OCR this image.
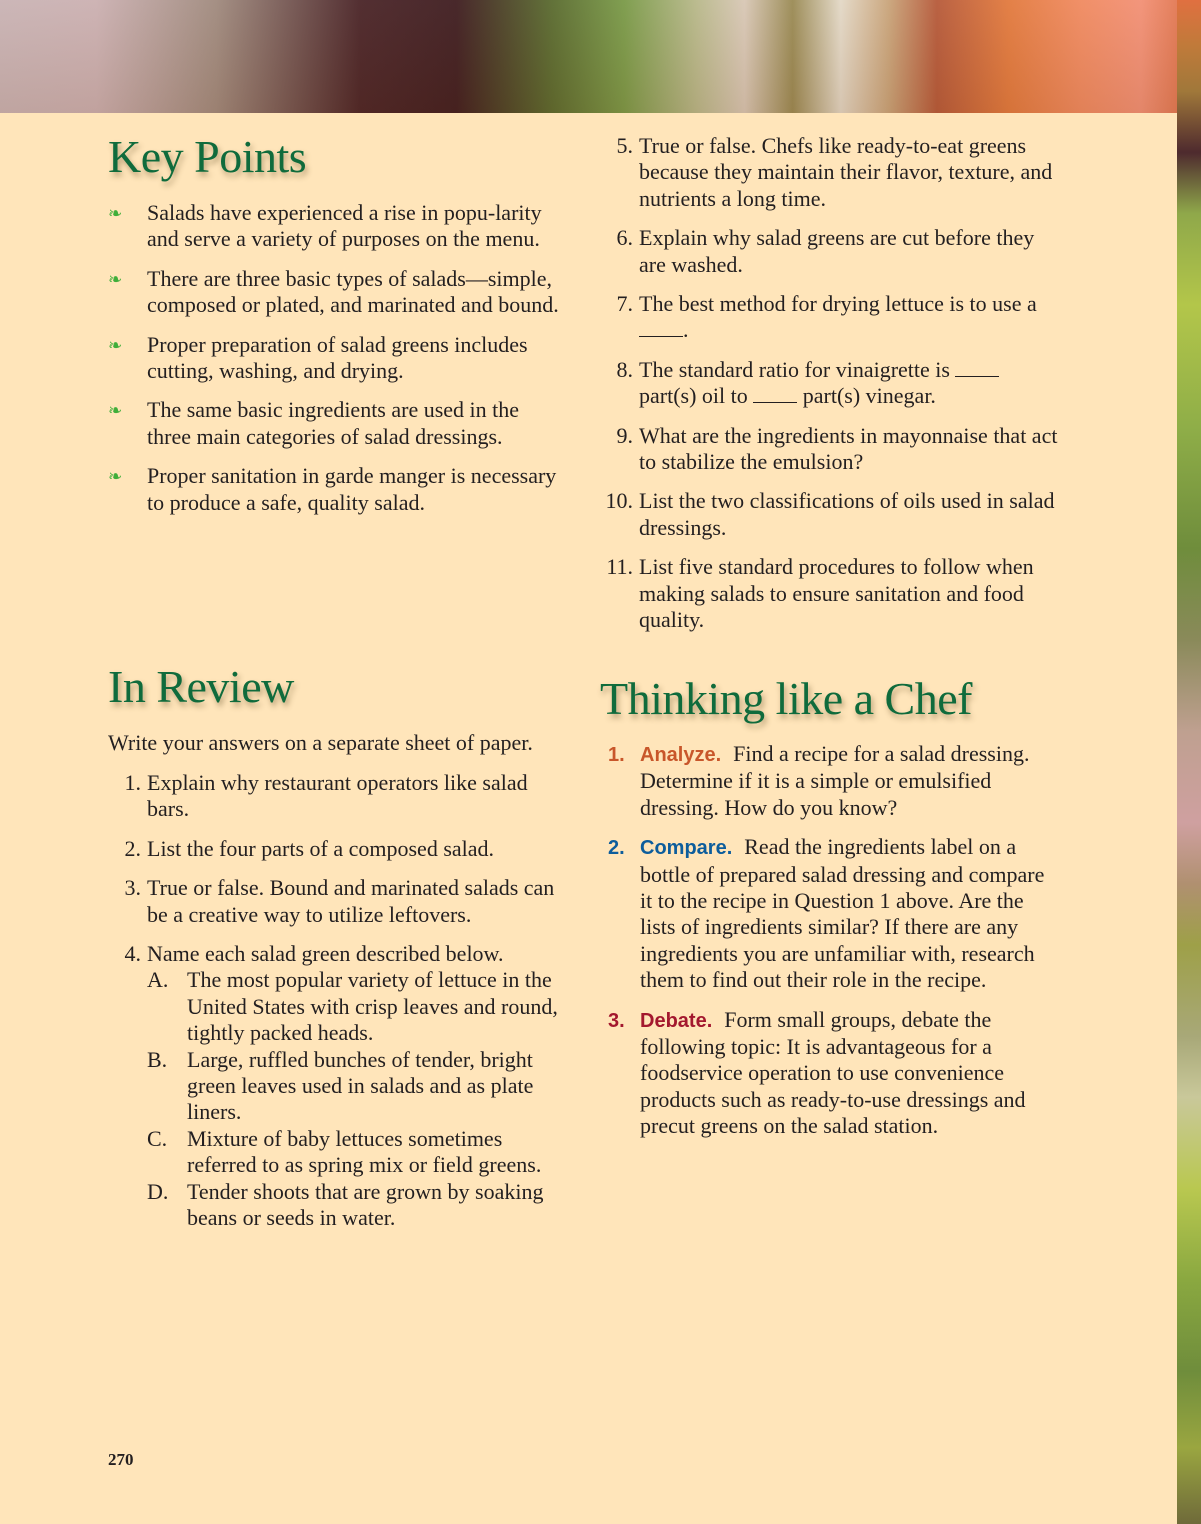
Key Points
❧ Salads have experienced a rise in popu-larity and serve a variety of purposes on the menu.
❧ There are three basic types of salads—simple, composed or plated, and marinated and bound.
❧ Proper preparation of salad greens includes cutting, washing, and drying.
❧ The same basic ingredients are used in the three main categories of salad dressings.
❧ Proper sanitation in garde manger is necessary to produce a safe, quality salad.
In Review

Write your answers on a separate sheet of paper.

1. Explain why restaurant operators like salad bars.
2. List the four parts of a composed salad.
3. True or false. Bound and marinated salads can be a creative way to utilize leftovers.
4. Name each salad green described below.
A. The most popular variety of lettuce in the United States with crisp leaves and round, tightly packed heads.
B. Large, ruffled bunches of tender, bright green leaves used in salads and as plate liners.
C. Mixture of baby lettuces sometimes referred to as spring mix or field greens.
D. Tender shoots that are grown by soaking beans or seeds in water.
270
5. True or false. Chefs like ready-to-eat greens because they maintain their flavor, texture, and nutrients a long time.
6. Explain why salad greens are cut before they are washed.
7. The best method for drying lettuce is to use a .
8. The standard ratio for vinaigrette is  part(s) oil to  part(s) vinegar.
9. What are the ingredients in mayonnaise that act to stabilize the emulsion?
10. List the two classifications of oils used in salad dressings.
11. List five standard procedures to follow when making salads to ensure sanitation and food quality.
Thinking like a Chef
1. Analyze. Find a recipe for a salad dressing. Determine if it is a simple or emulsified dressing. How do you know?
2. Compare. Read the ingredients label on a bottle of prepared salad dressing and compare it to the recipe in Question 1 above. Are the lists of ingredients similar? If there are any ingredients you are unfamiliar with, research them to find out their role in the recipe.
3. Debate. Form small groups, debate the following topic: It is advantageous for a foodservice operation to use convenience products such as ready-to-use dressings and precut greens on the salad station.
